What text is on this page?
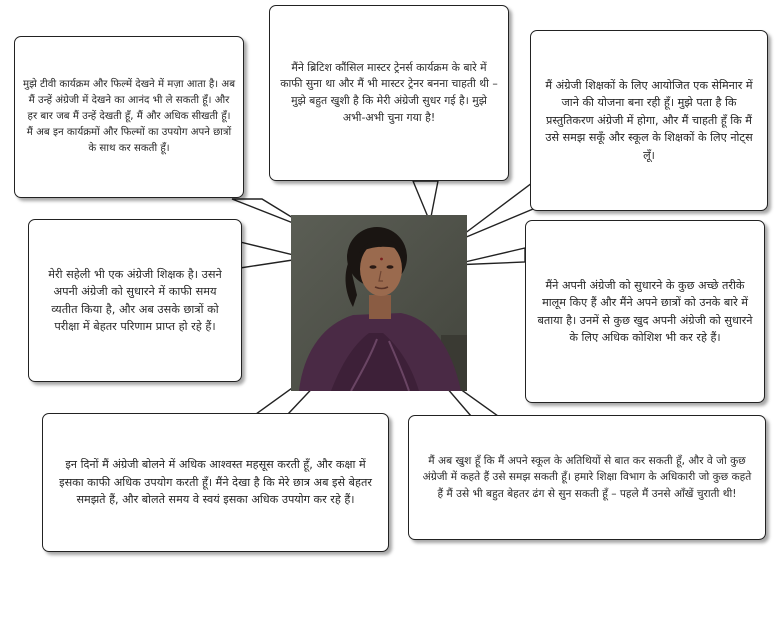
मुझे टीवी कार्यक्रम और फिल्में देखने में मज़ा आता है। अब मैं उन्हें अंग्रेजी में देखने का आनंद भी ले सकती हूँ। और हर बार जब मैं उन्हें देखती हूँ, मैं और अधिक सीखती हूँ। मैं अब इन कार्यक्रमों और फिल्मों का उपयोग अपने छात्रों के साथ कर सकती हूँ।
मैंने ब्रिटिश कौंसिल मास्टर ट्रेनर्स कार्यक्रम के बारे में काफी सुना था और मैं भी मास्टर ट्रेनर बनना चाहती थी – मुझे बहुत खुशी है कि मेरी अंग्रेजी सुधर गई है। मुझे अभी-अभी चुना गया है!
मैं अंग्रेजी शिक्षकों के लिए आयोजित एक सेमिनार में जाने की योजना बना रही हूँ। मुझे पता है कि प्रस्तुतिकरण अंग्रेजी में होगा, और मैं चाहती हूँ कि मैं उसे समझ सकूँ और स्कूल के शिक्षकों के लिए नोट्स लूँ।
मेरी सहेली भी एक अंग्रेजी शिक्षक है। उसने अपनी अंग्रेजी को सुधारने में काफी समय व्यतीत किया है, और अब उसके छात्रों को परीक्षा में बेहतर परिणाम प्राप्त हो रहे हैं।
मैंने अपनी अंग्रेजी को सुधारने के कुछ अच्छे तरीके मालूम किए हैं और मैंने अपने छात्रों को उनके बारे में बताया है। उनमें से कुछ खुद अपनी अंग्रेजी को सुधारने के लिए अधिक कोशिश भी कर रहे हैं।
इन दिनों मैं अंग्रेजी बोलने में अधिक आश्वस्त महसूस करती हूँ, और कक्षा में इसका काफी अधिक उपयोग करती हूँ। मैंने देखा है कि मेरे छात्र अब इसे बेहतर समझते हैं, और बोलते समय वे स्वयं इसका अधिक उपयोग कर रहे हैं।
मैं अब खुश हूँ कि मैं अपने स्कूल के अतिथियों से बात कर सकती हूँ, और वे जो कुछ अंग्रेजी में कहते हैं उसे समझ सकती हूँ। हमारे शिक्षा विभाग के अधिकारी जो कुछ कहते हैं मैं उसे भी बहुत बेहतर ढंग से सुन सकती हूँ – पहले मैं उनसे आँखें चुराती थी!
